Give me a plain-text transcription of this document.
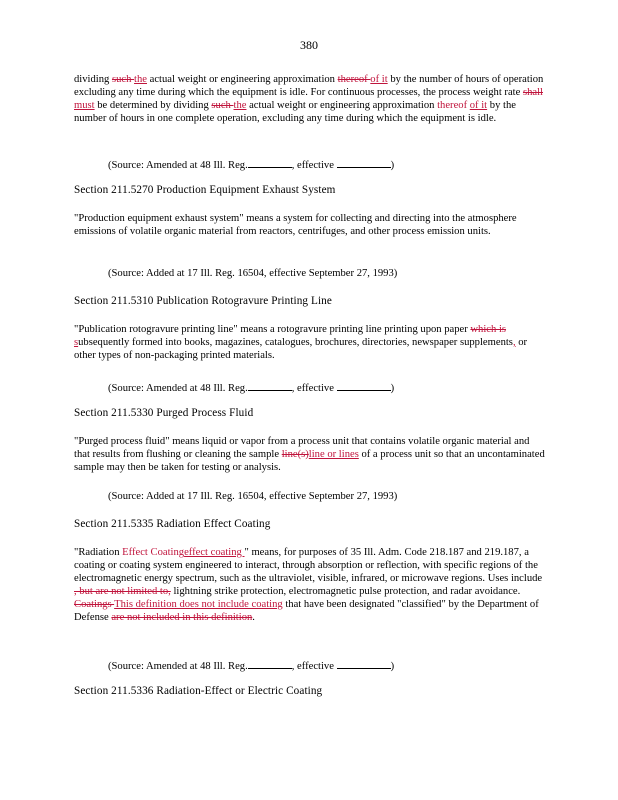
380

dividing such the actual weight or engineering approximation thereof of it by the number of hours of operation excluding any time during which the equipment is idle. For continuous processes, the process weight rate shall must be determined by dividing such the actual weight or engineering approximation thereof of it by the number of hours in one complete operation, excluding any time during which the equipment is idle.

(Source: Amended at 48 Ill. Reg.	, effective	)
Section 211.5270 Production Equipment Exhaust System
"Production equipment exhaust system" means a system for collecting and directing into the atmosphere emissions of volatile organic material from reactors, centrifuges, and other process emission units.
(Source: Added at 17 Ill. Reg. 16504, effective September 27, 1993)
Section 211.5310 Publication Rotogravure Printing Line

"Publication rotogravure printing line" means a rotogravure printing line printing upon paper which is subsequently formed into books, magazines, catalogues, brochures, directories, newspaper supplements, or other types of non-packaging printed materials.

(Source: Amended at 48 Ill. Reg.	, effective	)
Section 211.5330 Purged Process Fluid

"Purged process fluid" means liquid or vapor from a process unit that contains volatile organic material and that results from flushing or cleaning the sample line(s)line or lines of a process unit so that an uncontaminated sample may then be taken for testing or analysis.

(Source: Added at 17 Ill. Reg. 16504, effective September 27, 1993)
Section 211.5335 Radiation Effect Coating

"Radiation Effect Coatingeffect coating " means, for purposes of 35 Ill. Adm. Code 218.187 and 219.187, a coating or coating system engineered to interact, through absorption or reflection, with specific regions of the electromagnetic energy spectrum, such as the ultraviolet, visible, infrared, or microwave regions. Uses include , but are not limited to, lightning strike protection, electromagnetic pulse protection, and radar avoidance. Coatings This definition does not include coating that have been designated "classified" by the Department of Defense are not included in this definition.

(Source: Amended at 48 Ill. Reg.	, effective	)
Section 211.5336 Radiation-Effect or Electric Coating
